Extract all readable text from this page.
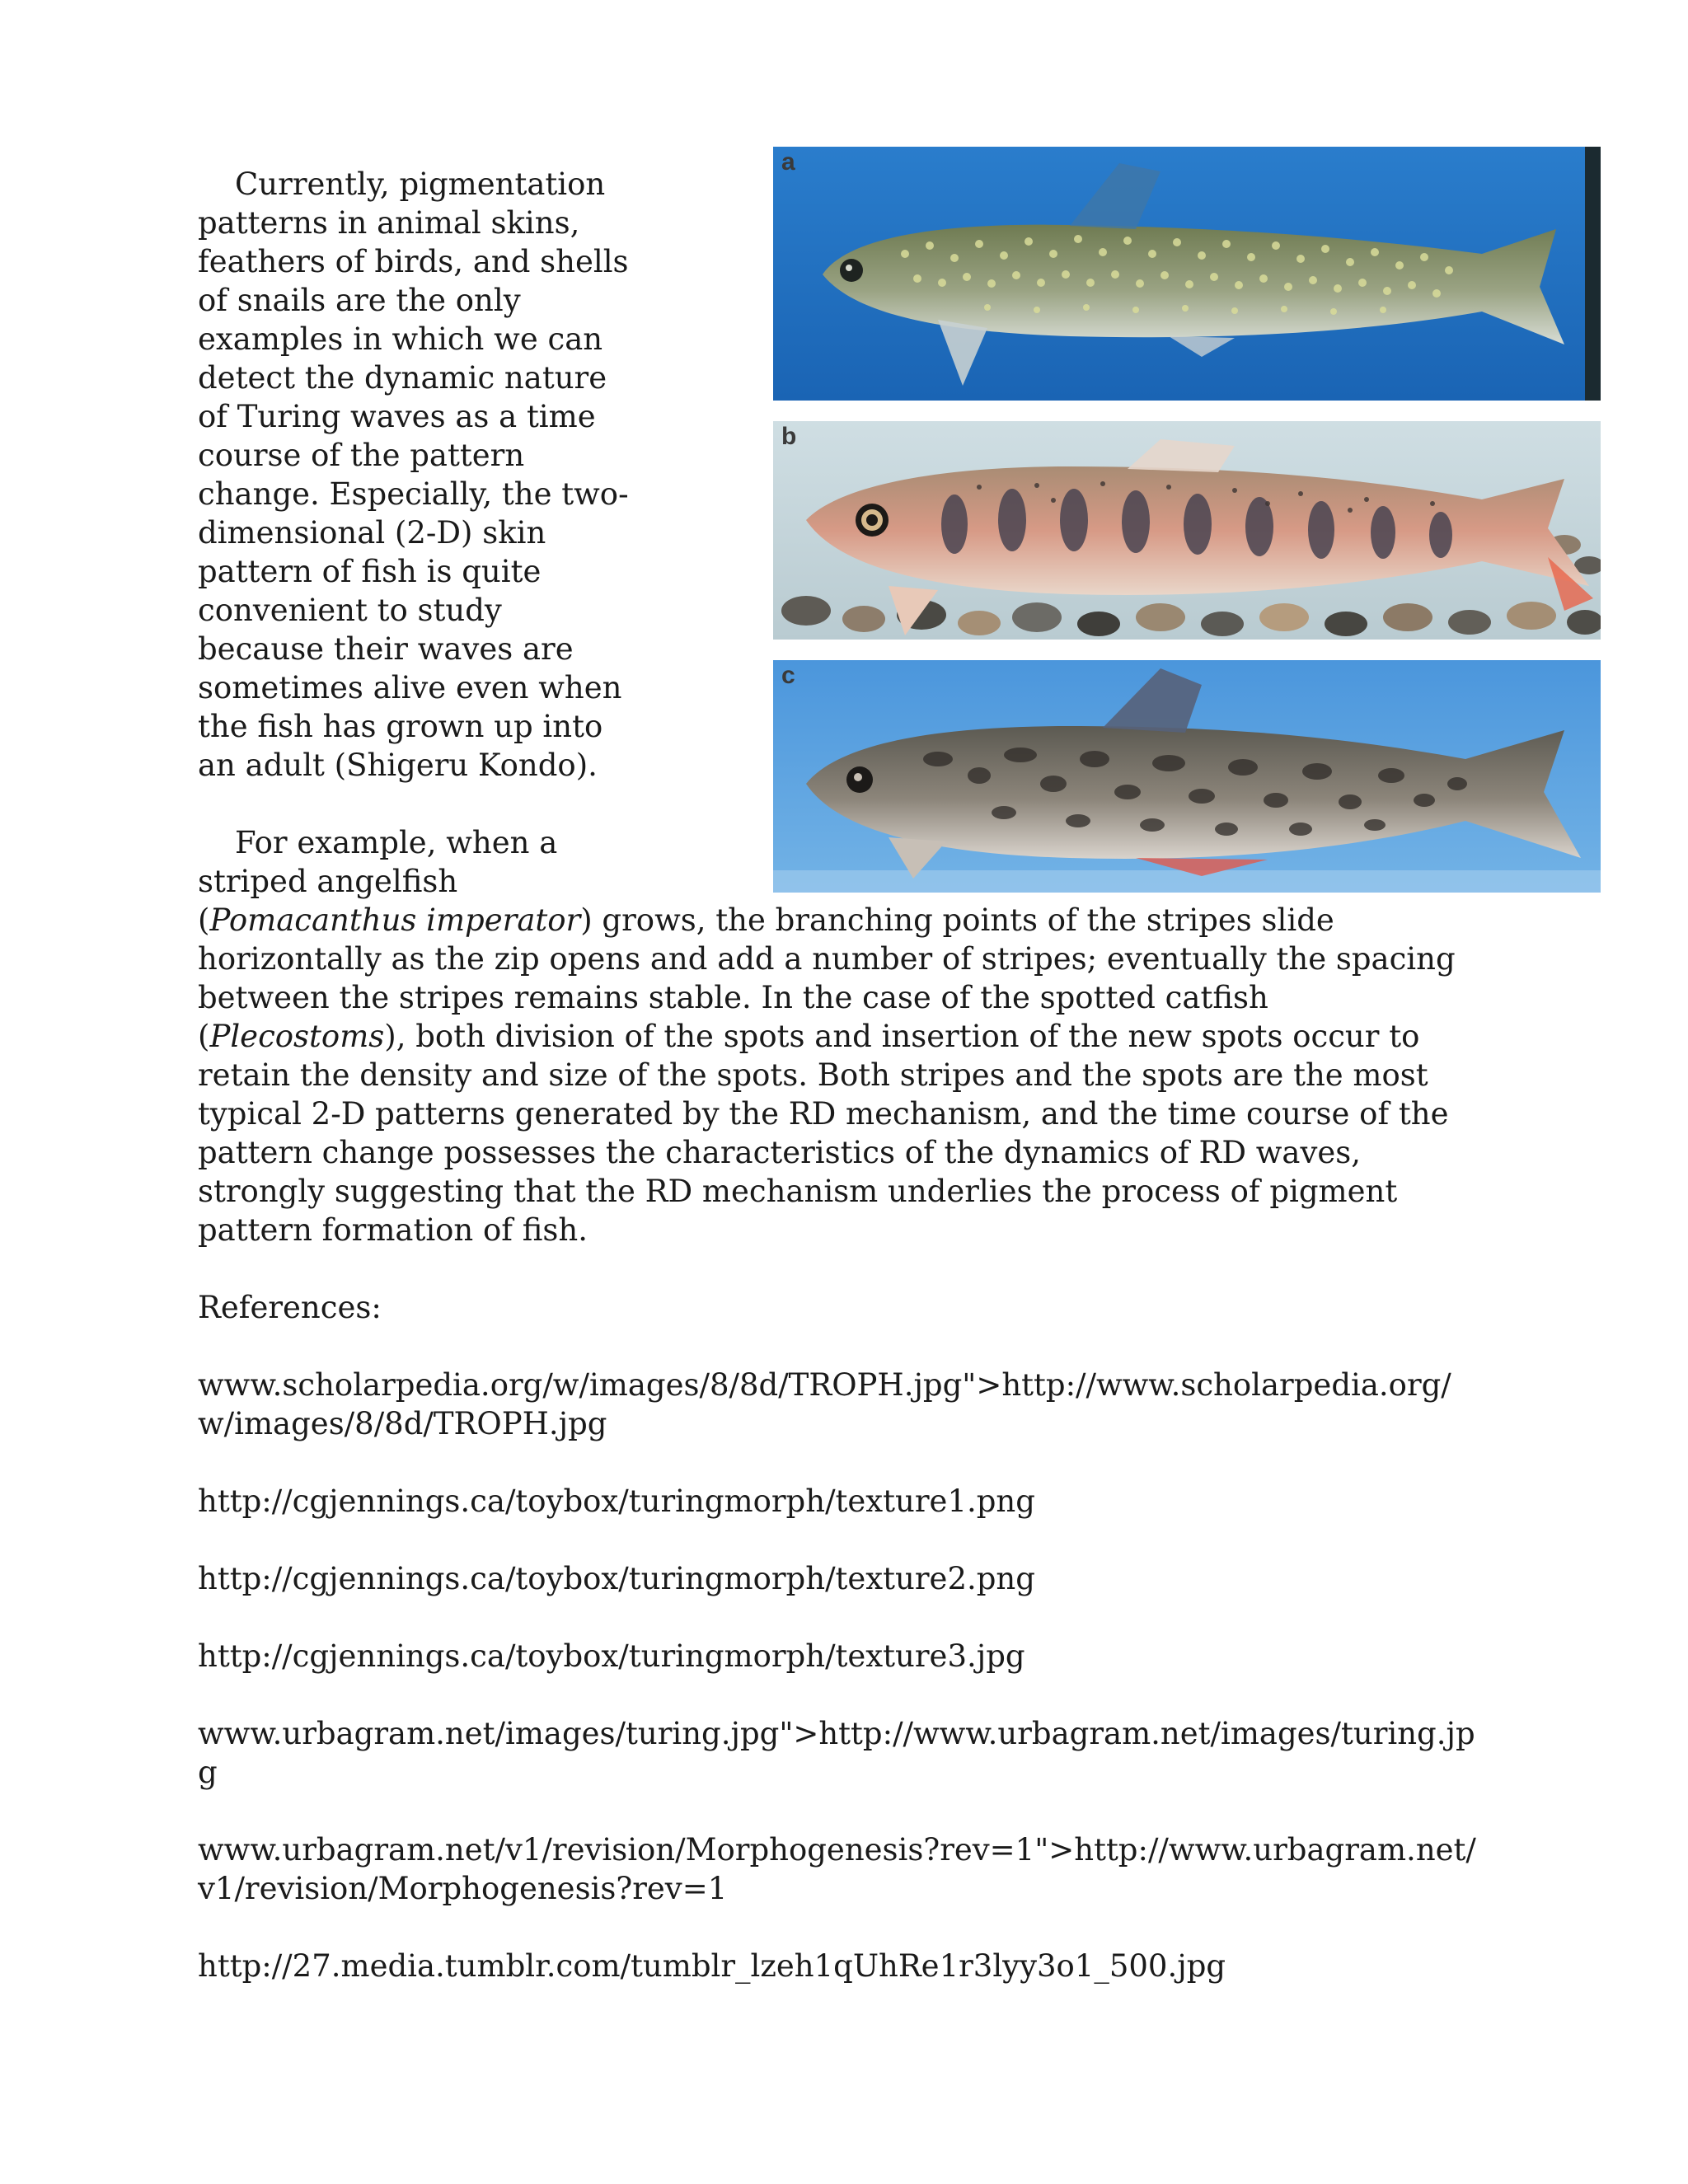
a
b
c

Currently, pigmentation patterns in animal skins, feathers of birds, and shells of snails are the only examples in which we can detect the dynamic nature of Turing waves as a time course of the pattern change. Especially, the two-dimensional (2-D) skin pattern of fish is quite convenient to study because their waves are sometimes alive even when the fish has grown up into an adult (Shigeru Kondo).

For example, when a striped angelfish (Pomacanthus imperator) grows, the branching points of the stripes slide horizontally as the zip opens and add a number of stripes; eventually the spacing between the stripes remains stable. In the case of the spotted catfish (Plecostoms), both division of the spots and insertion of the new spots occur to retain the density and size of the spots. Both stripes and the spots are the most typical 2-D patterns generated by the RD mechanism, and the time course of the pattern change possesses the characteristics of the dynamics of RD waves, strongly suggesting that the RD mechanism underlies the process of pigment pattern formation of fish.

References:

www.scholarpedia.org/w/images/8/8d/TROPH.jpg">http://www.scholarpedia.org/w/images/8/8d/TROPH.jpg

http://cgjennings.ca/toybox/turingmorph/texture1.png

http://cgjennings.ca/toybox/turingmorph/texture2.png

http://cgjennings.ca/toybox/turingmorph/texture3.jpg

www.urbagram.net/images/turing.jpg">http://www.urbagram.net/images/turing.jpg

www.urbagram.net/v1/revision/Morphogenesis?rev=1">http://www.urbagram.net/v1/revision/Morphogenesis?rev=1

http://27.media.tumblr.com/tumblr_lzeh1qUhRe1r3lyy3o1_500.jpg
